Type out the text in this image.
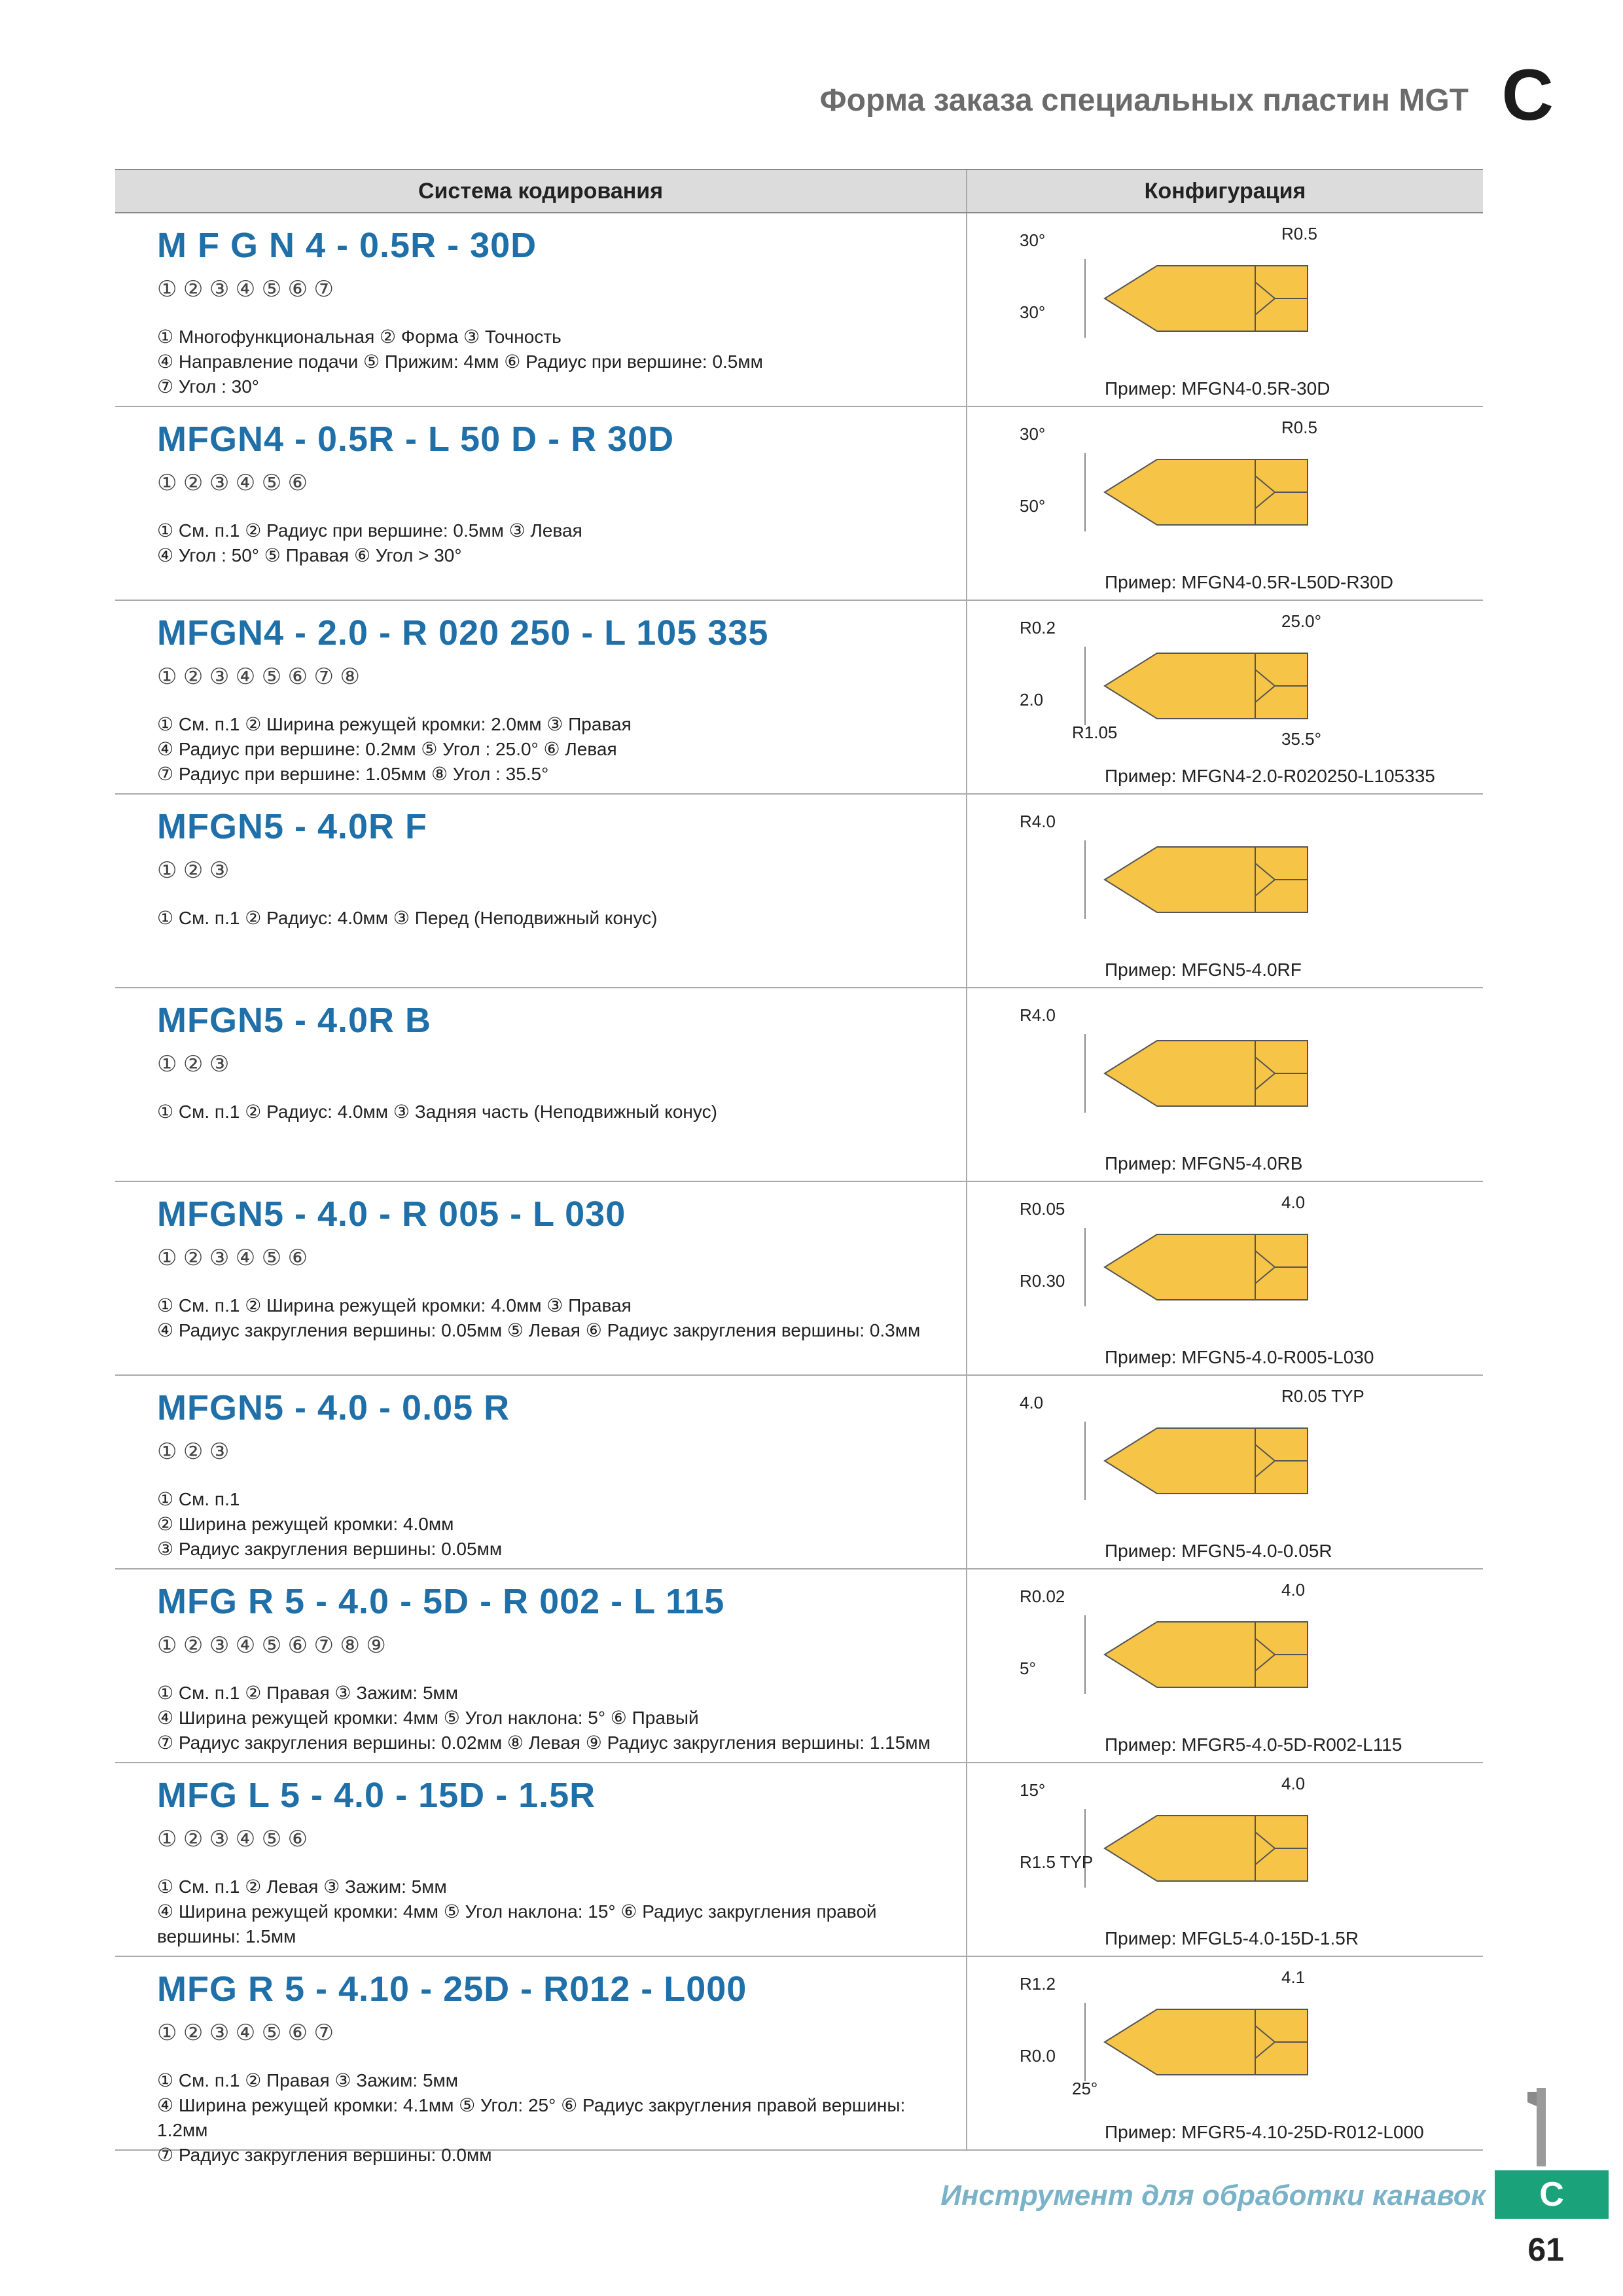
Форма заказа специальных пластин MGT C
Система кодирования	Конфигурация
M F G N 4 - 0.5R - 30D
① ② ③ ④ ⑤ ⑥ ⑦
① Многофункциональная ② Форма ③ Точность
④ Направление подачи ⑤ Прижим: 4мм ⑥ Радиус при вершине: 0.5мм
⑦ Угол : 30°
30°	R0.5
30°
Пример: MFGN4-0.5R-30D
MFGN4 - 0.5R - L 50 D - R 30D
① ② ③ ④ ⑤ ⑥
① См. п.1 ② Радиус при вершине: 0.5мм ③ Левая
④ Угол : 50° ⑤ Правая ⑥ Угол > 30°
30°	R0.5
50°
Пример: MFGN4-0.5R-L50D-R30D
MFGN4 - 2.0 - R 020 250 - L 105 335
① ② ③ ④ ⑤ ⑥ ⑦ ⑧
① См. п.1 ② Ширина режущей кромки: 2.0мм ③ Правая
④ Радиус при вершине: 0.2мм ⑤ Угол : 25.0° ⑥ Левая
⑦ Радиус при вершине: 1.05мм ⑧ Угол : 35.5°
R0.2	25.0°
2.0
R1.05	35.5°
Пример: MFGN4-2.0-R020250-L105335
MFGN5 - 4.0R F
① ② ③
① См. п.1 ② Радиус: 4.0мм ③ Перед (Неподвижный конус)
R4.0
Пример: MFGN5-4.0RF
MFGN5 - 4.0R B
① ② ③
① См. п.1 ② Радиус: 4.0мм ③ Задняя часть (Неподвижный конус)
R4.0
Пример: MFGN5-4.0RB
MFGN5 - 4.0 - R 005 - L 030
① ② ③ ④ ⑤ ⑥
① См. п.1 ② Ширина режущей кромки: 4.0мм ③ Правая
④ Радиус закругления вершины: 0.05мм ⑤ Левая ⑥ Радиус закругления вершины: 0.3мм
R0.05	4.0
R0.30
Пример: MFGN5-4.0-R005-L030
MFGN5 - 4.0 - 0.05 R
① ② ③
① См. п.1
② Ширина режущей кромки: 4.0мм
③ Радиус закругления вершины: 0.05мм
4.0	R0.05 TYP
Пример: MFGN5-4.0-0.05R
MFG R 5 - 4.0 - 5D - R 002 - L 115
① ② ③ ④ ⑤ ⑥ ⑦ ⑧ ⑨
① См. п.1 ② Правая ③ Зажим: 5мм
④ Ширина режущей кромки: 4мм ⑤ Угол наклона: 5° ⑥ Правый
⑦ Радиус закругления вершины: 0.02мм ⑧ Левая ⑨ Радиус закругления вершины: 1.15мм
R0.02	4.0
5°
Пример: MFGR5-4.0-5D-R002-L115
MFG L 5 - 4.0 - 15D - 1.5R
① ② ③ ④ ⑤ ⑥
① См. п.1 ② Левая ③ Зажим: 5мм
④ Ширина режущей кромки: 4мм ⑤ Угол наклона: 15° ⑥ Радиус закругления правой вершины: 1.5мм
15°	4.0
R1.5 TYP
Пример: MFGL5-4.0-15D-1.5R
MFG R 5 - 4.10 - 25D - R012 - L000
① ② ③ ④ ⑤ ⑥ ⑦
① См. п.1 ② Правая ③ Зажим: 5мм
④ Ширина режущей кромки: 4.1мм ⑤ Угол: 25° ⑥ Радиус закругления правой вершины: 1.2мм
⑦ Радиус закругления вершины: 0.0мм
R1.2	4.1
R0.0
25°
Пример: MFGR5-4.10-25D-R012-L000
Инструмент для обработки канавок	C
61
